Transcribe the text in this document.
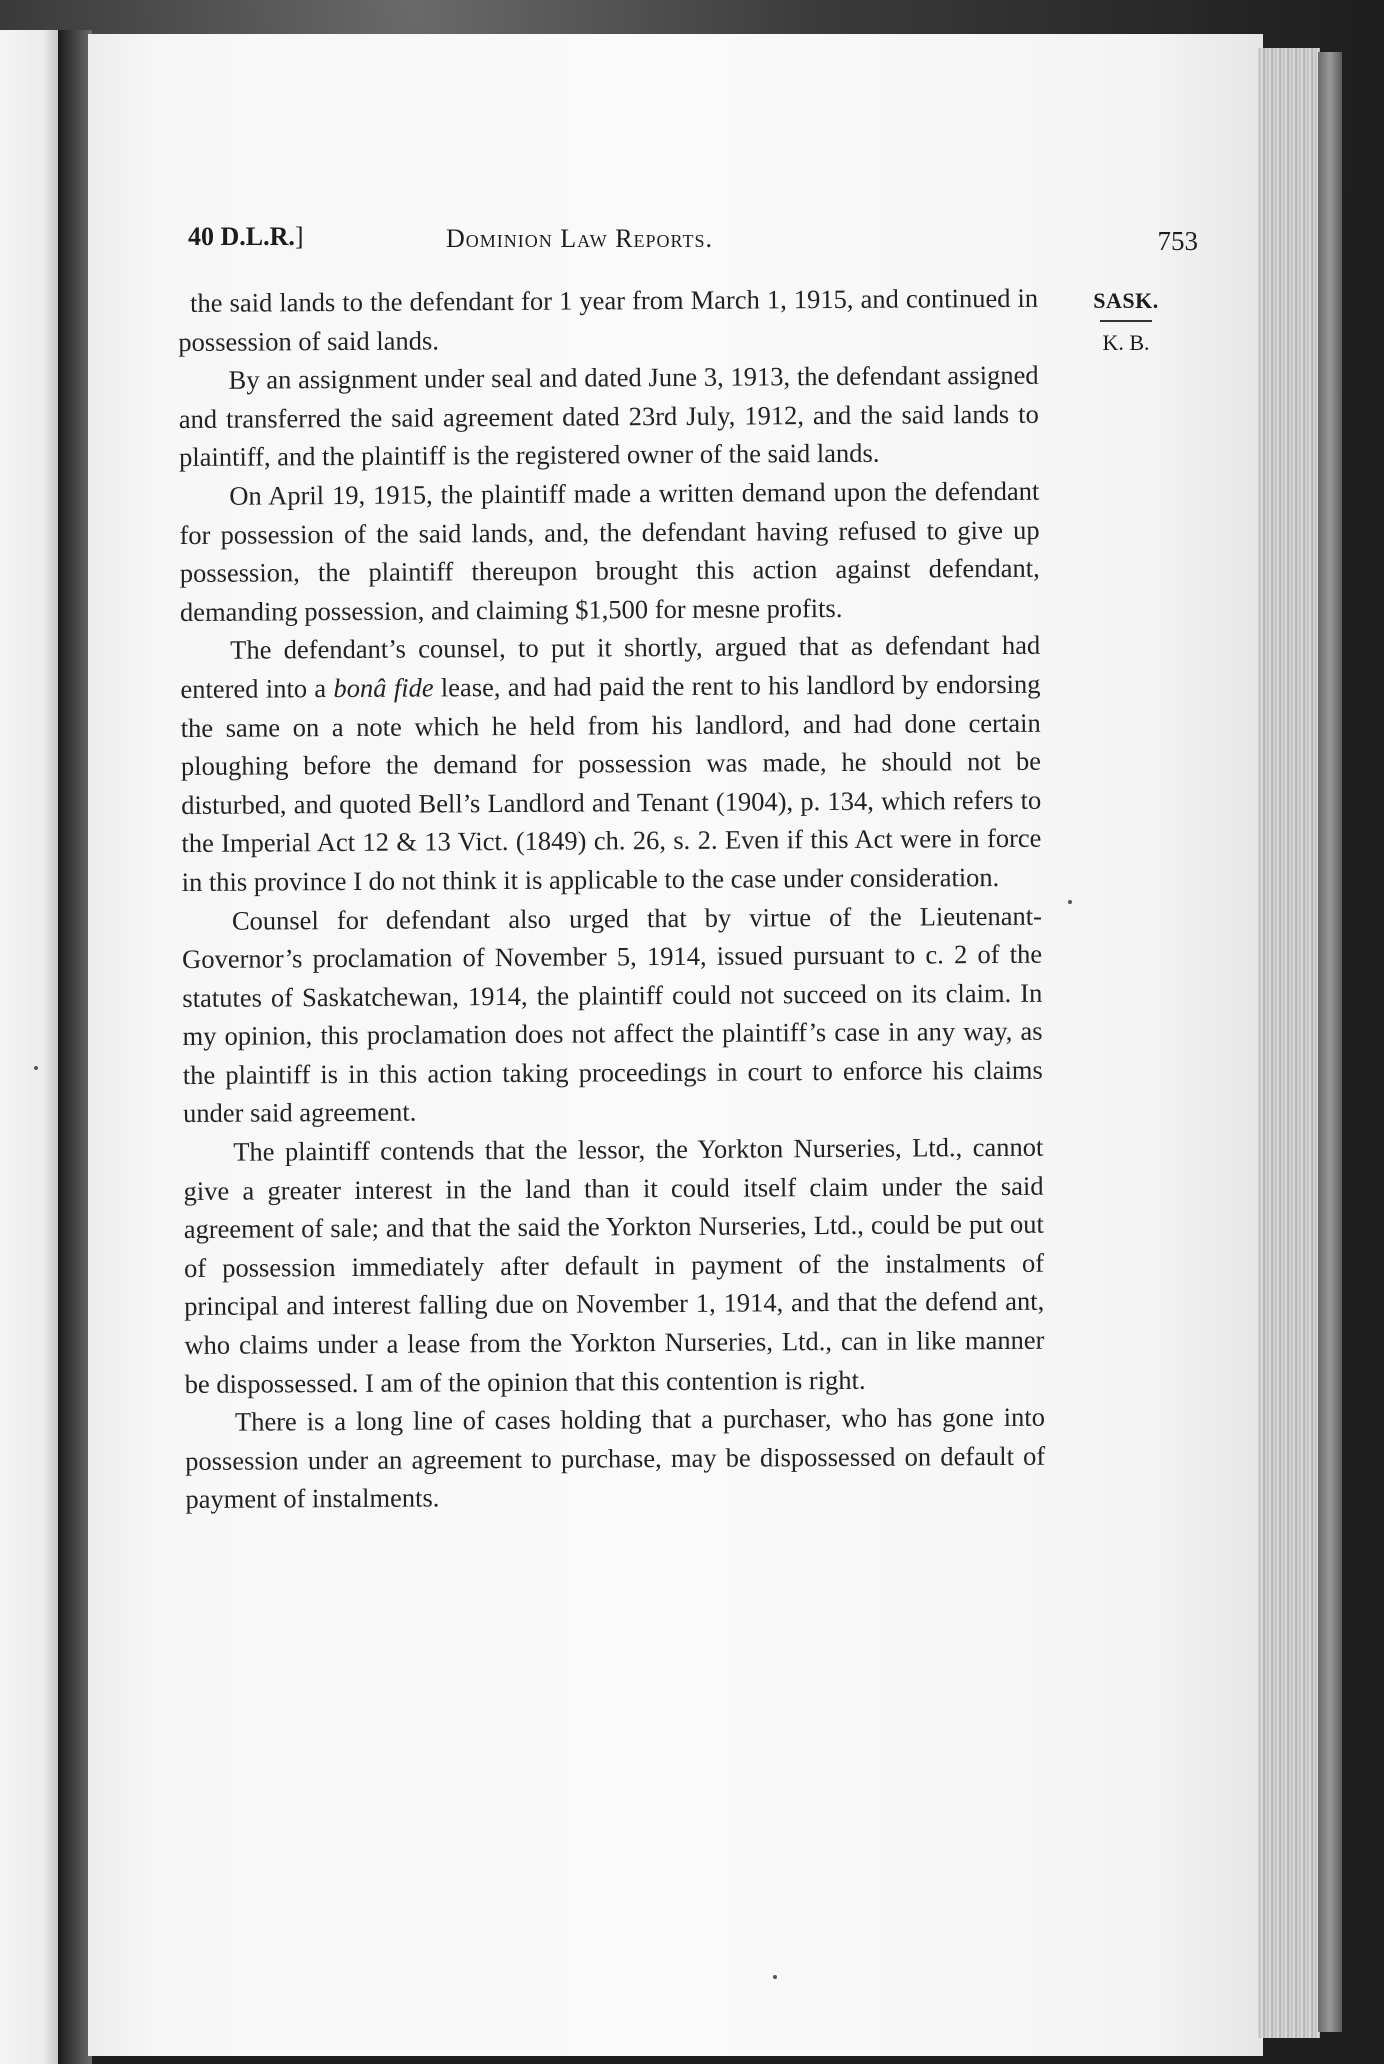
40 D.L.R.]	Dominion Law Reports.	753
SASK.
K. B.

the said lands to the defendant for 1 year from March 1, 1915, and continued in possession of said lands.

By an assignment under seal and dated June 3, 1913, the defendant assigned and transferred the said agreement dated 23rd July, 1912, and the said lands to plaintiff, and the plaintiff is the registered owner of the said lands.

On April 19, 1915, the plaintiff made a written demand upon the defendant for possession of the said lands, and, the defendant having refused to give up possession, the plaintiff thereupon brought this action against defendant, demanding possession, and claiming $1,500 for mesne profits.

The defendant’s counsel, to put it shortly, argued that as defendant had entered into a bonâ fide lease, and had paid the rent to his landlord by endorsing the same on a note which he held from his landlord, and had done certain ploughing before the demand for possession was made, he should not be disturbed, and quoted Bell’s Landlord and Tenant (1904), p. 134, which refers to the Imperial Act 12 & 13 Vict. (1849) ch. 26, s. 2. Even if this Act were in force in this province I do not think it is applicable to the case under consideration.

Counsel for defendant also urged that by virtue of the Lieutenant-Governor’s proclamation of November 5, 1914, issued pursuant to c. 2 of the statutes of Saskatchewan, 1914, the plaintiff could not succeed on its claim. In my opinion, this proclamation does not affect the plaintiff’s case in any way, as the plaintiff is in this action taking proceedings in court to enforce his claims under said agreement.

The plaintiff contends that the lessor, the Yorkton Nurseries, Ltd., cannot give a greater interest in the land than it could itself claim under the said agreement of sale; and that the said the Yorkton Nurseries, Ltd., could be put out of possession immediately after default in payment of the instalments of principal and interest falling due on November 1, 1914, and that the defend ant, who claims under a lease from the Yorkton Nurseries, Ltd., can in like manner be dispossessed. I am of the opinion that this contention is right.

There is a long line of cases holding that a purchaser, who has gone into possession under an agreement to purchase, may be dispossessed on default of payment of instalments.
